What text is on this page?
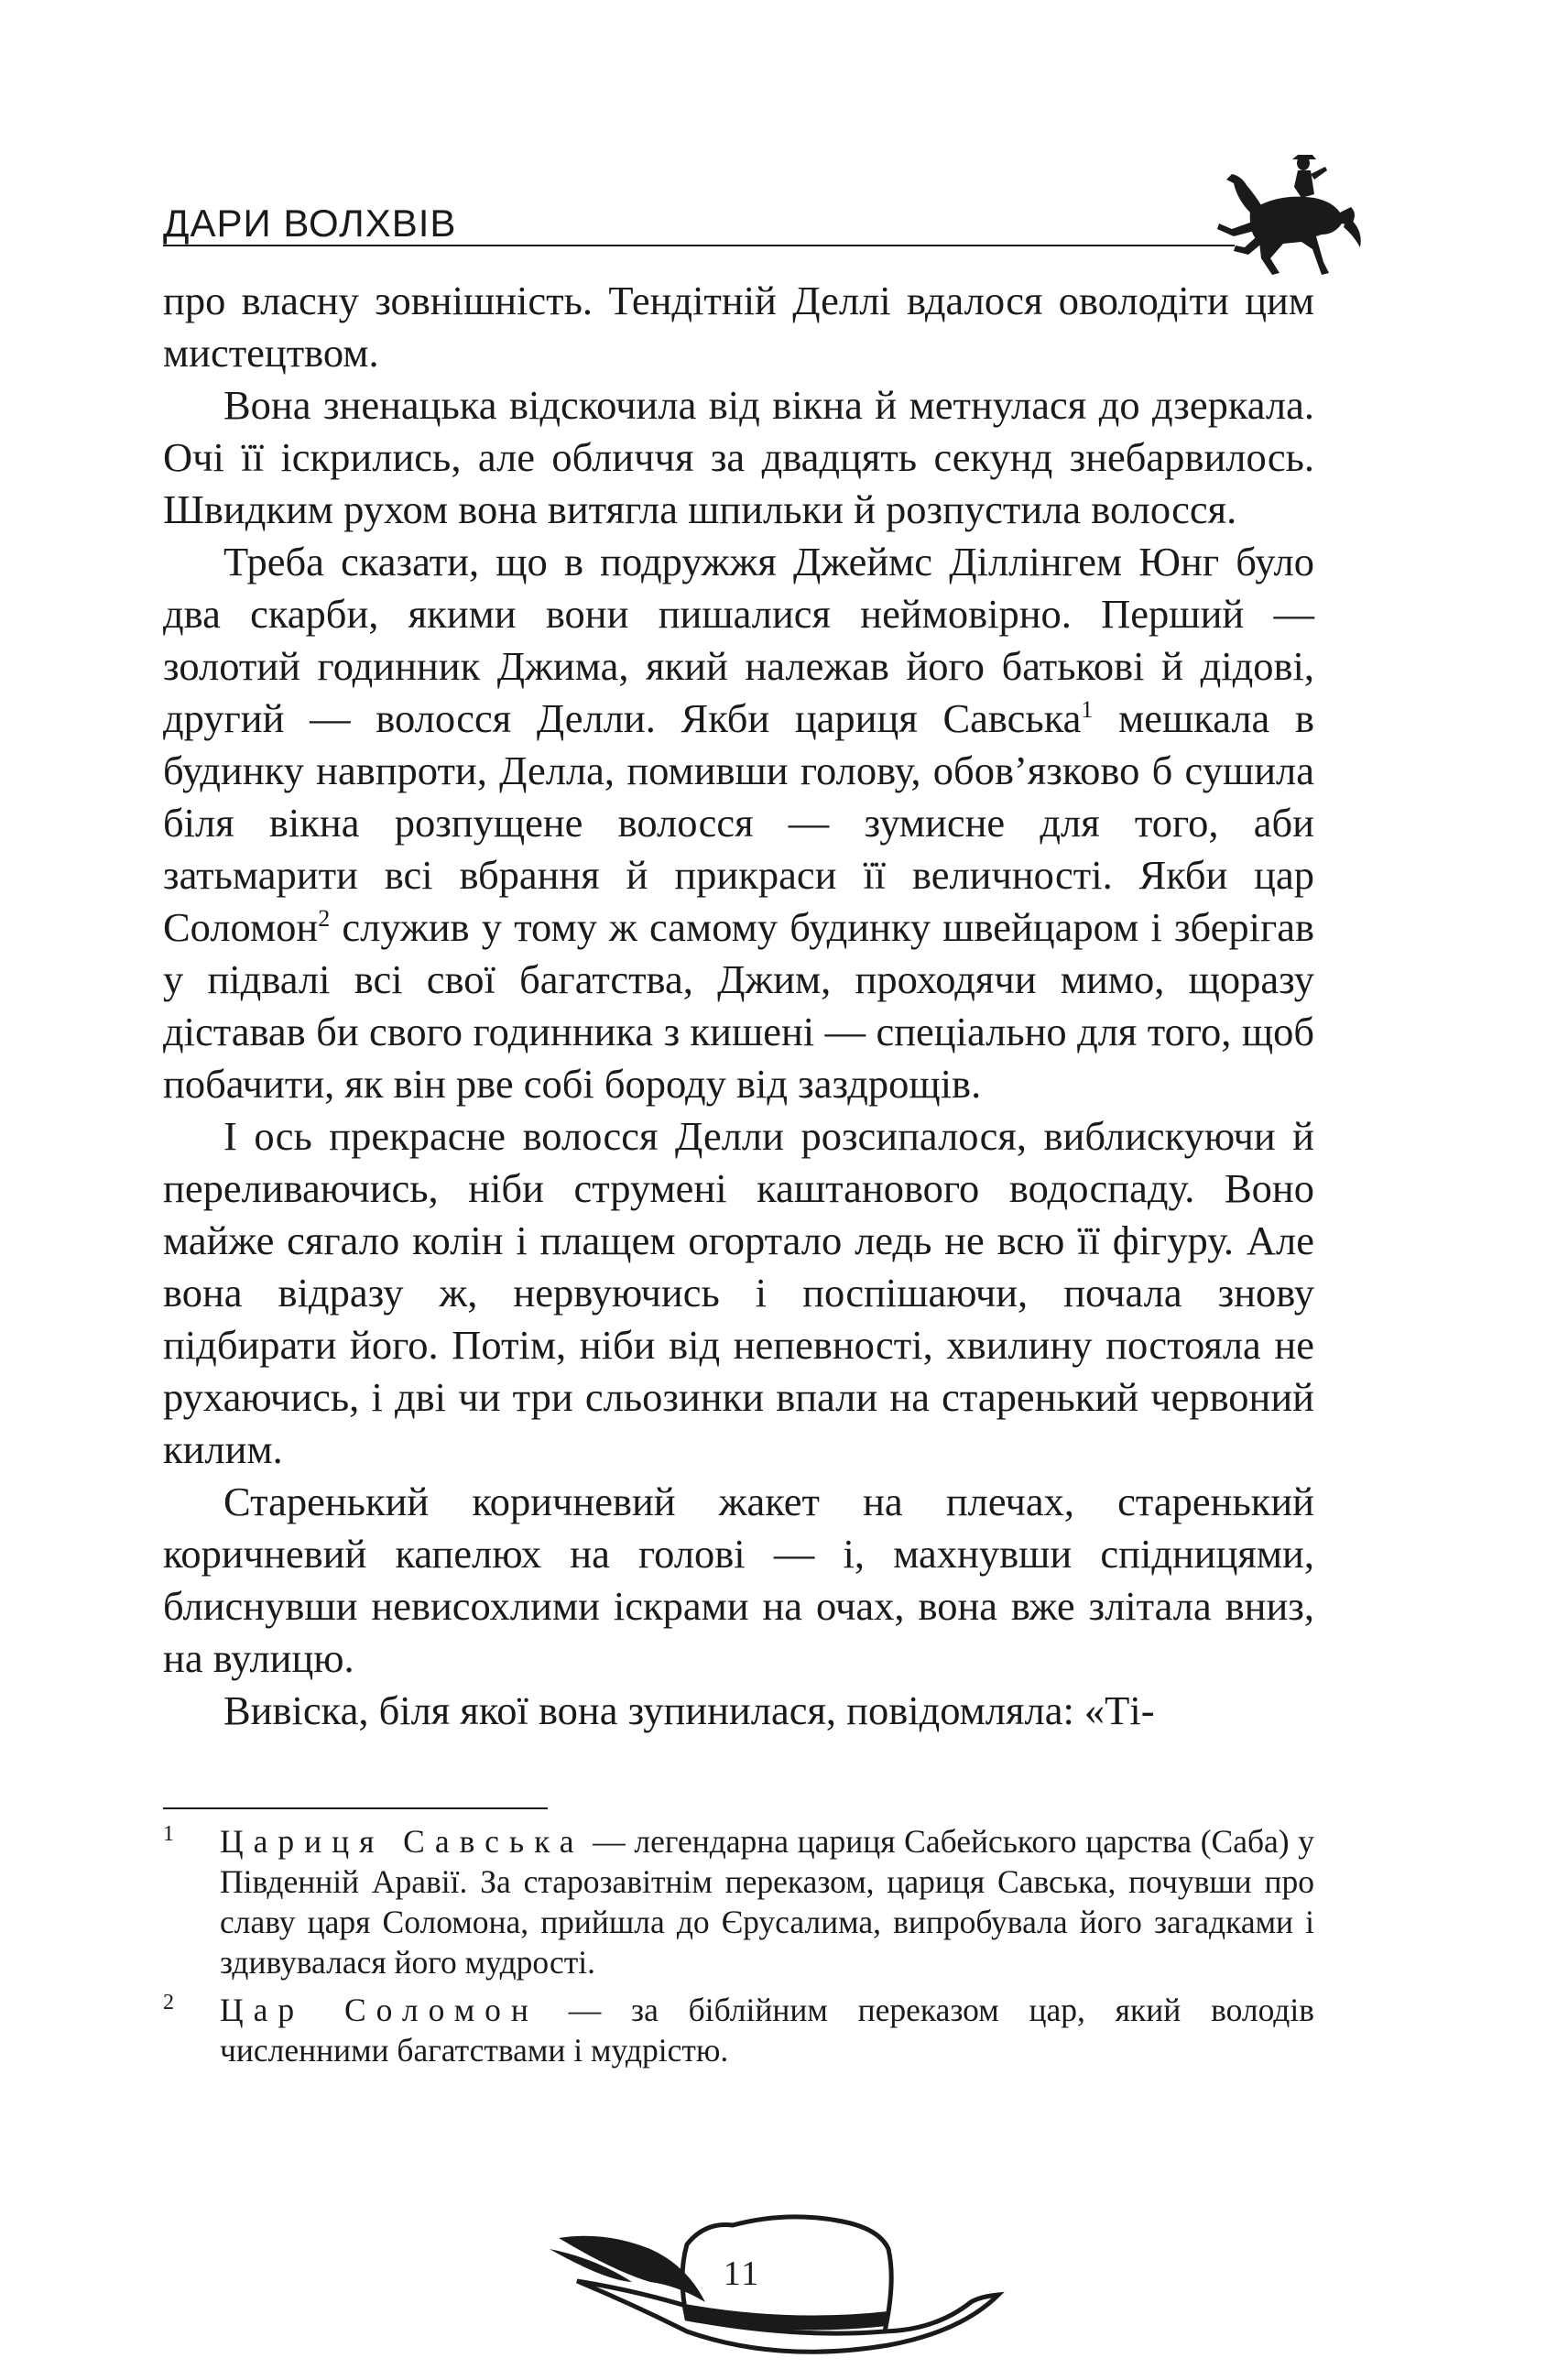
ДАРИ ВОЛХВІВ

про власну зовнішність. Тендітній Деллі вдалося оволодіти цим мистецтвом.

Вона зненацька відскочила від вікна й метнулася до дзеркала. Очі її іскрились, але обличчя за двадцять секунд знебарвилось. Швидким рухом вона витягла шпильки й розпустила волосся.

Треба сказати, що в подружжя Джеймс Діллінгем Юнг було два скарби, якими вони пишалися неймовірно. Перший — золотий годинник Джима, який належав його батькові й дідові, другий — волосся Делли. Якби цариця Савська$^1$ мешкала в будинку навпроти, Делла, помивши голову, обов’язково б сушила біля вікна розпущене волосся — зумисне для того, аби затьмарити всі вбрання й прикраси її величності. Якби цар Соломон$^2$ служив у тому ж самому будинку швейцаром і зберігав у підвалі всі свої багатства, Джим, проходячи мимо, щоразу діставав би свого годинника з кишені — спеціально для того, щоб побачити, як він рве собі бороду від заздрощів.

І ось прекрасне волосся Делли розсипалося, виблискуючи й переливаючись, ніби струмені каштанового водоспаду. Воно майже сягало колін і плащем огортало ледь не всю її фігуру. Але вона відразу ж, нервуючись і поспішаючи, почала знову підбирати його. Потім, ніби від непевності, хвилину постояла не рухаючись, і дві чи три сльозинки впали на старенький червоний килим.

Старенький коричневий жакет на плечах, старенький коричневий капелюх на голові — і, махнувши спідницями, блиснувши невисохлими іскрами на очах, вона вже злітала вниз, на вулицю.

Вивіска, біля якої вона зупинилася, повідомляла: «Ті-

1 Цариця Савська — легендарна цариця Сабейського царства (Саба) у Південній Аравії. За старозавітнім переказом, цариця Савська, почувши про славу царя Соломона, прийшла до Єрусалима, випробувала його загадками і здивувалася його мудрості.
2 Цар Соломон — за біблійним переказом цар, який володів численними багатствами і мудрістю.
11
